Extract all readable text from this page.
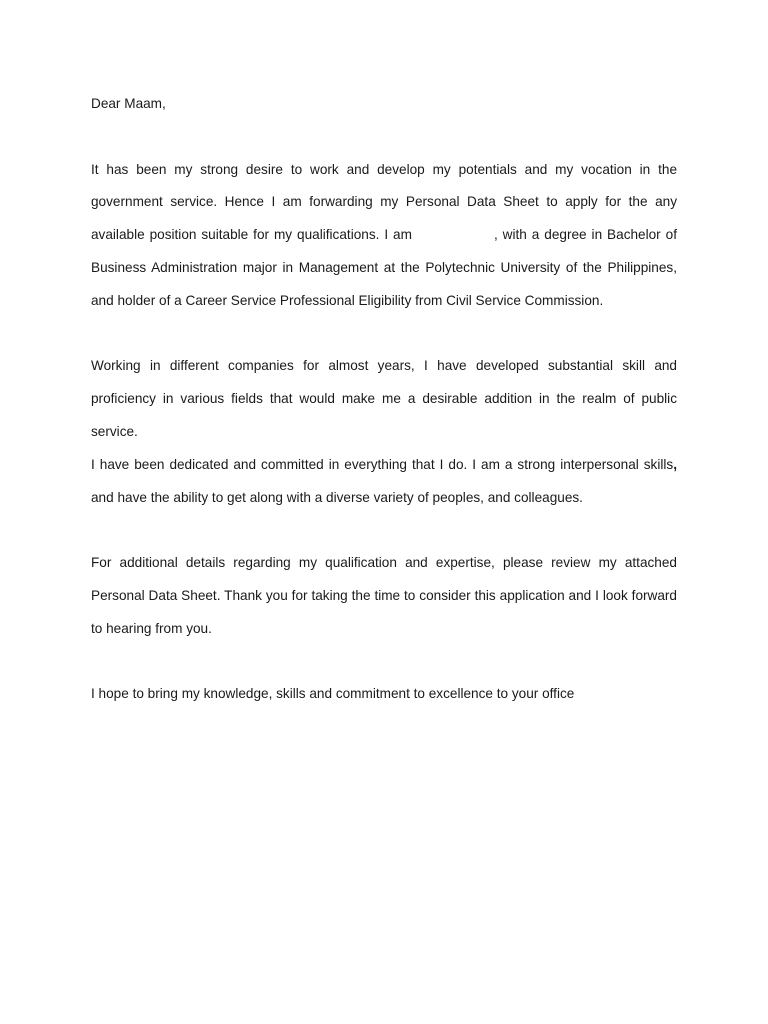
Dear Maam,

It has been my strong desire to work and develop my potentials and my vocation in the government service. Hence I am forwarding my Personal Data Sheet to apply for the any available position suitable for my qualifications. I am	, with a degree in Bachelor of Business Administration major in Management at the Polytechnic University of the Philippines, and holder of a Career Service Professional Eligibility from Civil Service Commission.

Working in different companies for almost years, I have developed substantial skill and proficiency in various fields that would make me a desirable addition in the realm of public service.

I have been dedicated and committed in everything that I do. I am a strong interpersonal skills, and have the ability to get along with a diverse variety of peoples, and colleagues.

For additional details regarding my qualification and expertise, please review my attached Personal Data Sheet. Thank you for taking the time to consider this application and I look forward to hearing from you.

I hope to bring my knowledge, skills and commitment to excellence to your office
